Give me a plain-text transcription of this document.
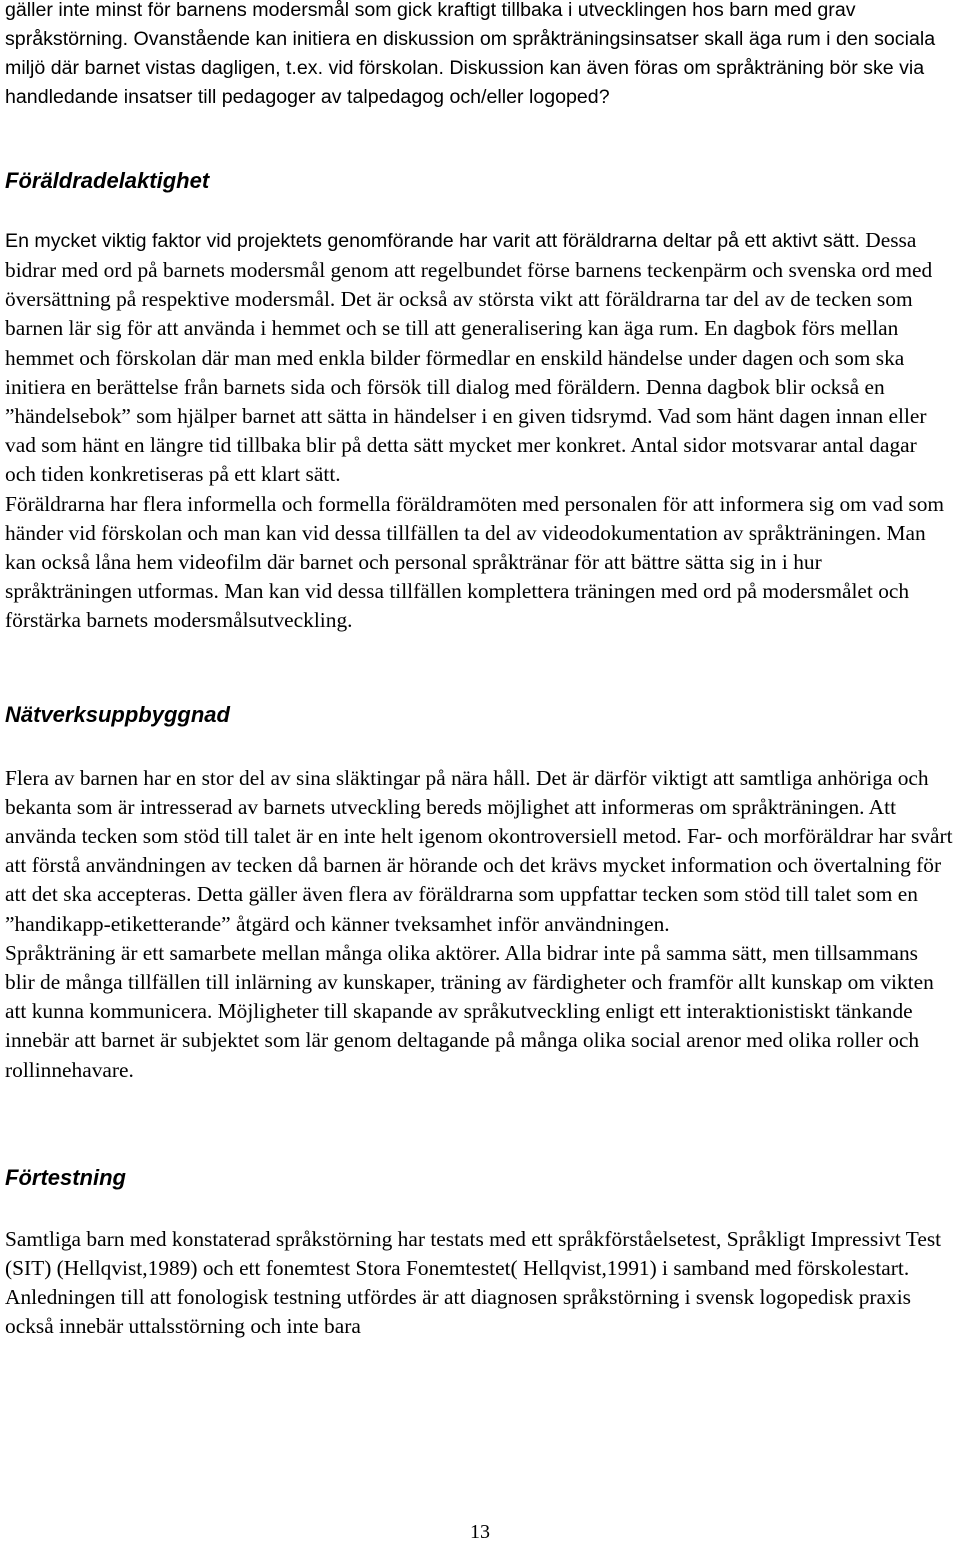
gäller inte minst för barnens modersmål som gick kraftigt tillbaka i utvecklingen hos barn med grav språkstörning. Ovanstående kan initiera en diskussion om språkträningsinsatser skall äga rum i den sociala miljö där barnet vistas dagligen, t.ex. vid förskolan. Diskussion kan även föras om språkträning bör ske via handledande insatser till pedagoger av talpedagog och/eller logoped?

Föräldradelaktighet

En mycket viktig faktor vid projektets genomförande har varit att föräldrarna deltar på ett aktivt sätt. Dessa bidrar med ord på barnets modersmål genom att regelbundet förse barnens teckenpärm och svenska ord med översättning på respektive modersmål. Det är också av största vikt att föräldrarna tar del av de tecken som barnen lär sig för att använda i hemmet och se till att generalisering kan äga rum. En dagbok förs mellan hemmet och förskolan där man med enkla bilder förmedlar en enskild händelse under dagen och som ska initiera en berättelse från barnets sida och försök till dialog med föräldern. Denna dagbok blir också en ”händelsebok” som hjälper barnet att sätta in händelser i en given tidsrymd. Vad som hänt dagen innan eller vad som hänt en längre tid tillbaka blir på detta sätt mycket mer konkret. Antal sidor motsvarar antal dagar och tiden konkretiseras på ett klart sätt.

Föräldrarna har flera informella och formella föräldramöten med personalen för att informera sig om vad som händer vid förskolan och man kan vid dessa tillfällen ta del av videodokumentation av språkträningen. Man kan också låna hem videofilm där barnet och personal språktränar för att bättre sätta sig in i hur språkträningen utformas. Man kan vid dessa tillfällen komplettera träningen med ord på modersmålet och förstärka barnets modersmålsutveckling.

Nätverksuppbyggnad

Flera av barnen har en stor del av sina släktingar på nära håll. Det är därför viktigt att samtliga anhöriga och bekanta som är intresserad av barnets utveckling bereds möjlighet att informeras om språkträningen. Att använda tecken som stöd till talet är en inte helt igenom okontroversiell metod. Far- och morföräldrar har svårt att förstå användningen av tecken då barnen är hörande och det krävs mycket information och övertalning för att det ska accepteras. Detta gäller även flera av föräldrarna som uppfattar tecken som stöd till talet som en ”handikapp-etiketterande” åtgärd och känner tveksamhet inför användningen.

Språkträning är ett samarbete mellan många olika aktörer. Alla bidrar inte på samma sätt, men tillsammans blir de många tillfällen till inlärning av kunskaper, träning av färdigheter och framför allt kunskap om vikten att kunna kommunicera. Möjligheter till skapande av språkutveckling enligt ett interaktionistiskt tänkande innebär att barnet är subjektet som lär genom deltagande på många olika social arenor med olika roller och rollinnehavare.

Förtestning

Samtliga barn med konstaterad språkstörning har testats med ett språkförståelsetest, Språkligt Impressivt Test (SIT) (Hellqvist,1989) och ett fonemtest Stora Fonemtestet( Hellqvist,1991) i samband med förskolestart. Anledningen till att fonologisk testning utfördes är att diagnosen språkstörning i svensk logopedisk praxis också innebär uttalsstörning och inte bara

13
